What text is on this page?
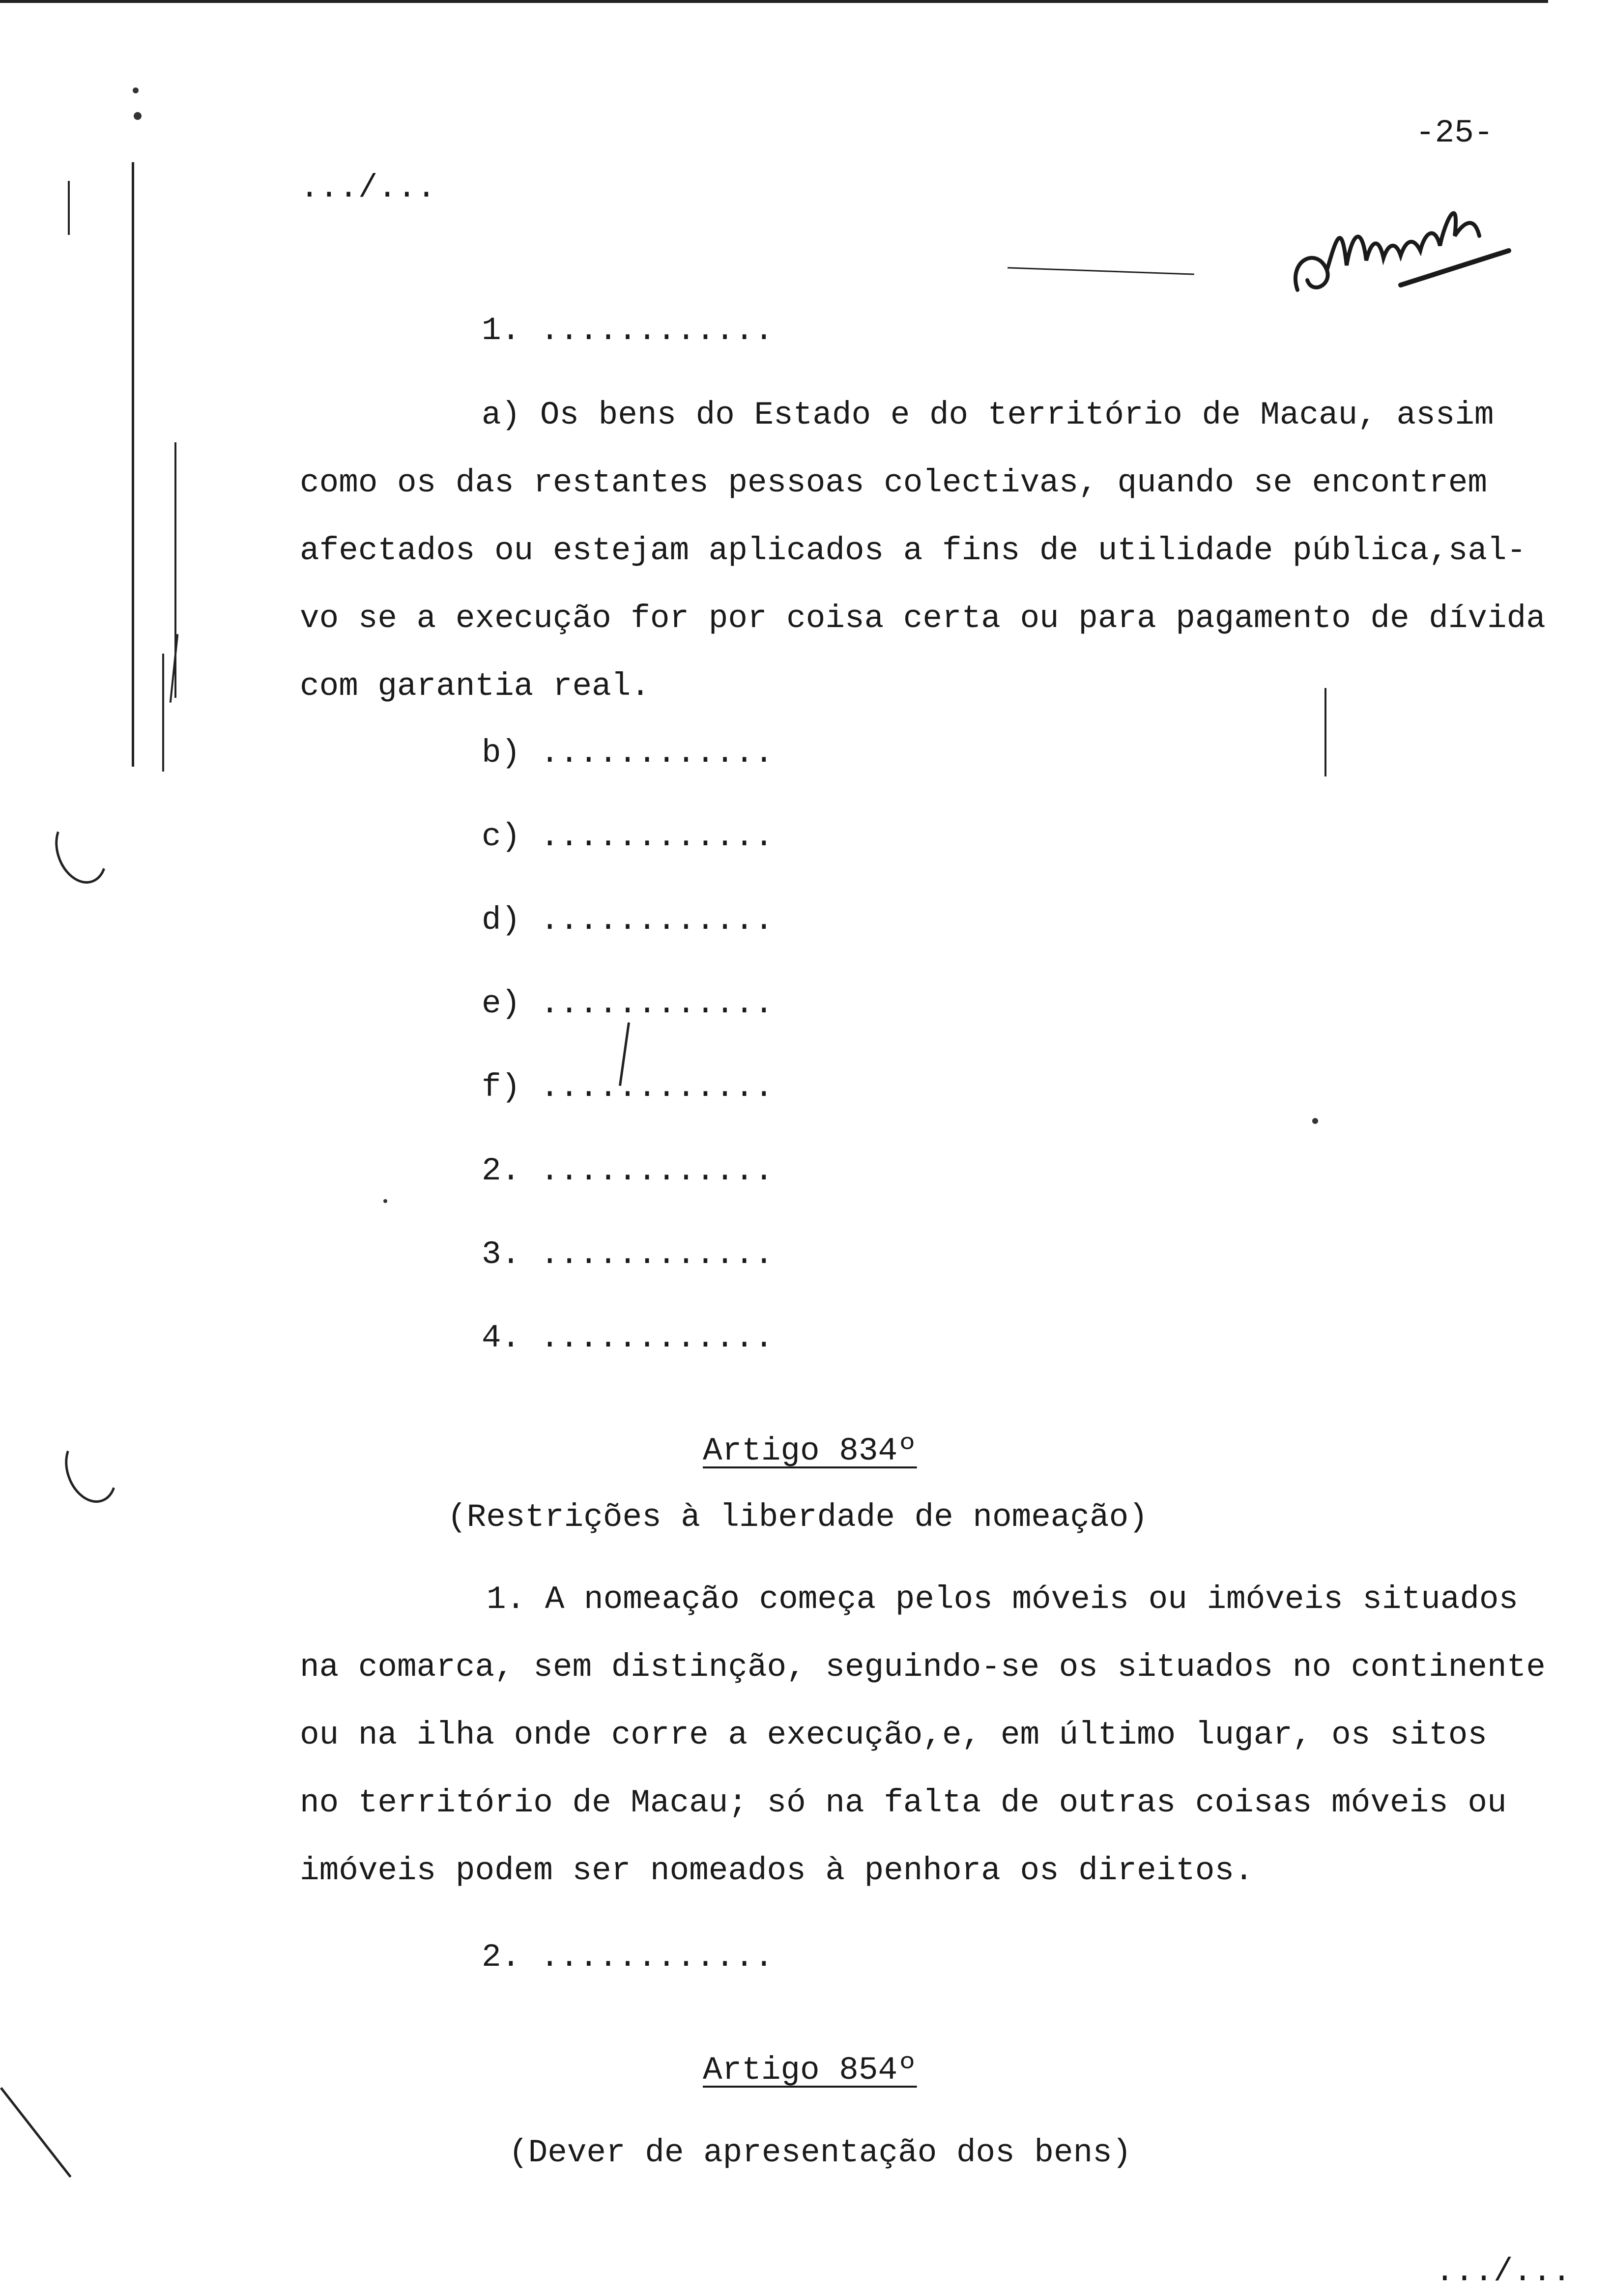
-25-
.../...
alll
1. ............
a) Os bens do Estado e do território de Macau, assim
como os das restantes pessoas colectivas, quando se encontrem
afectados ou estejam aplicados a fins de utilidade pública,sal-
vo se a execução for por coisa certa ou para pagamento de dívida
com garantia real.
b) ............
c) ............
d) ............
e) ............
f) ............
2. ............
3. ............
4. ............
Artigo 834º
(Restrições à liberdade de nomeação)
1. A nomeação começa pelos móveis ou imóveis situados
na comarca, sem distinção, seguindo-se os situados no continente
ou na ilha onde corre a execução,e, em último lugar, os sitos
no território de Macau; só na falta de outras coisas móveis ou
imóveis podem ser nomeados à penhora os direitos.
2. ............
Artigo 854º
(Dever de apresentação dos bens)
.../...
